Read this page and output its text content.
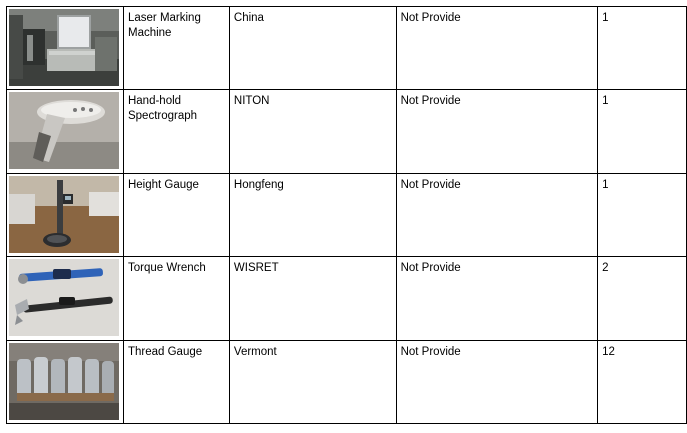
	Laser Marking Machine	China	Not Provide	1

	Hand-hold Spectrograph	NITON	Not Provide	1

	Height Gauge	Hongfeng	Not Provide	1

	Torque Wrench	WISRET	Not Provide	2

	Thread Gauge	Vermont	Not Provide	12
